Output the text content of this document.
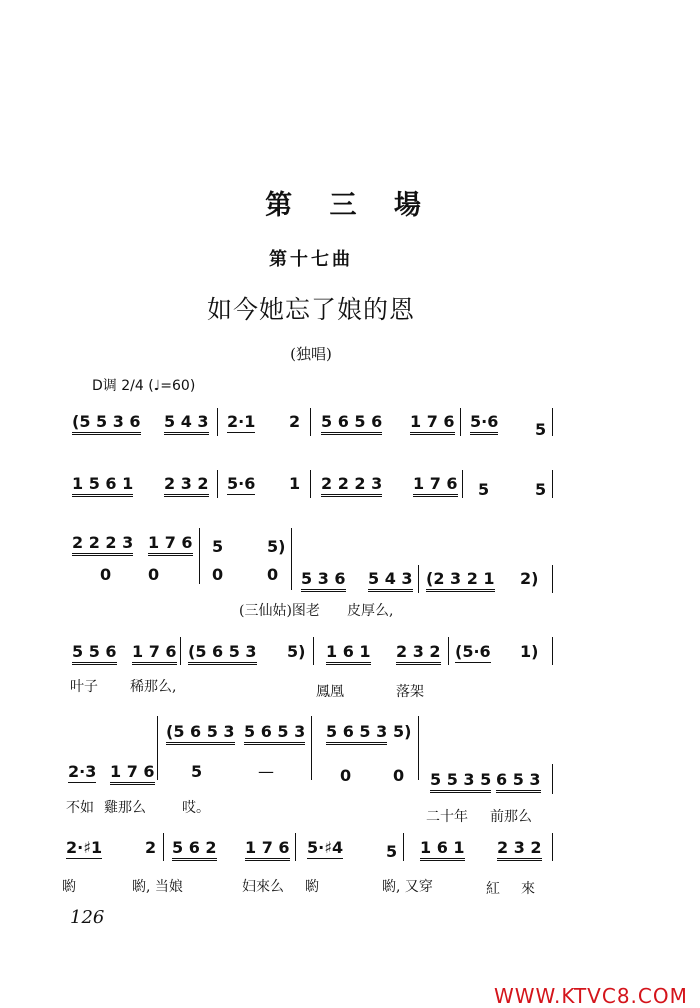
第 三 場
第十七曲
如今她忘了娘的恩
(独唱)
D调 2/4 (♩=60)
(5 5 3 6 5 4 3 2·1 2 5 6 5 6 1 7 6 5·6 5
1 5 6 1 2 3 2 5·6 1 2 2 2 3 1 7 6 5	5
2 2 2 3 1 7 6 5	5)
0 0	0	0 5 3 6 5 4 3 (2 3 2 1 2)
(三仙姑)图老 皮厚么,
5 5 6 1 7 6 (5 6 5 3 5) 1 6 1 2 3 2 (5·6 1)
叶子 稀那么,	鳳凰	落架
(5 6 5 3 5 6 5 3 5 6 5 3 5)
5	—	0	0
2·3 1 7 6	5 5 3 5 6 5 3
不如 雞那么	哎。
二十年 前那么
2·♯1	2 5 6 2 1 7 6 5·♯4	5 1 6 1 2 3 2
喲	喲, 当娘	妇來么 喲	喲, 又穿	紅 來
126
WWW.KTVC8.COM
